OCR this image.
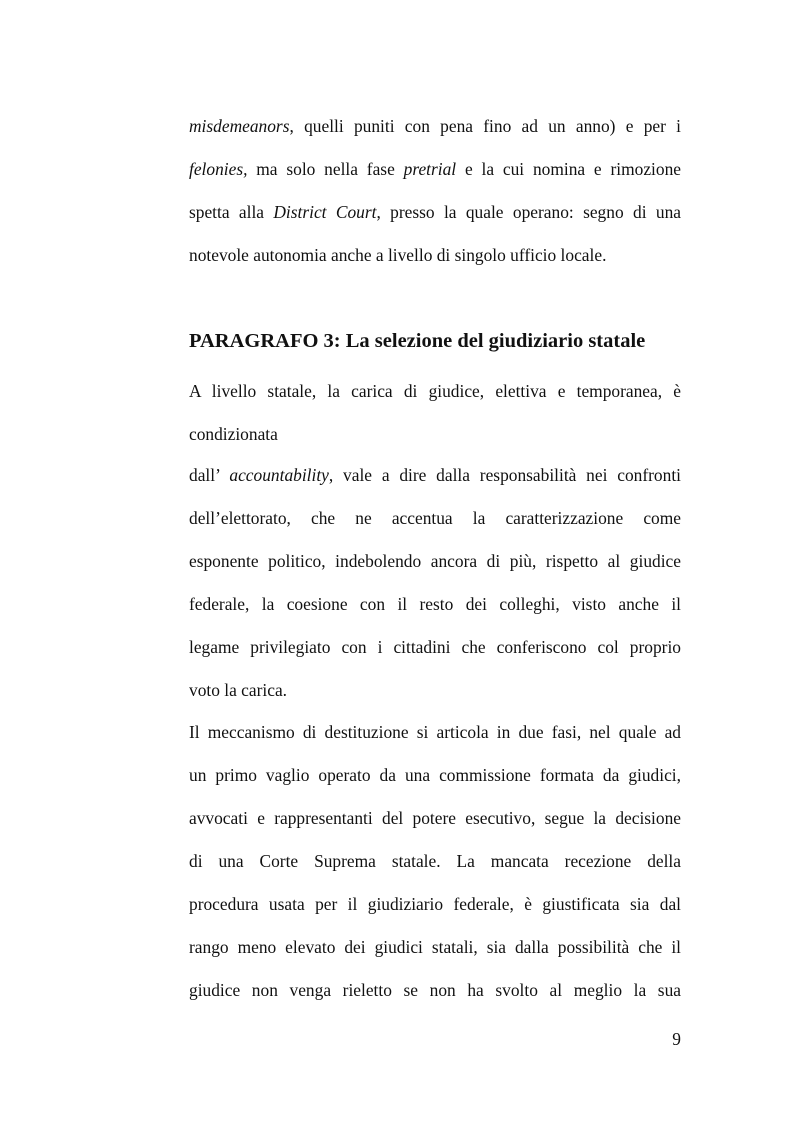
misdemeanors, quelli puniti con pena fino ad un anno) e per i
felonies, ma solo nella fase pretrial e la cui nomina e rimozione
spetta alla District Court, presso la quale operano: segno di una
notevole autonomia anche a livello di singolo ufficio locale.
PARAGRAFO 3: La selezione del giudiziario statale
A livello statale, la carica di giudice, elettiva e temporanea, è
condizionata
dall’ accountability, vale a dire dalla responsabilità nei confronti
dell’elettorato, che ne accentua la caratterizzazione come
esponente politico, indebolendo ancora di più, rispetto al giudice
federale, la coesione con il resto dei colleghi, visto anche il
legame privilegiato con i cittadini che conferiscono col proprio
voto la carica.
Il meccanismo di destituzione si articola in due fasi, nel quale ad
un primo vaglio operato da una commissione formata da giudici,
avvocati e rappresentanti del potere esecutivo, segue la decisione
di una Corte Suprema statale. La mancata recezione della
procedura usata per il giudiziario federale, è giustificata sia dal
rango meno elevato dei giudici statali, sia dalla possibilità che il
giudice non venga rieletto se non ha svolto al meglio la sua
9
